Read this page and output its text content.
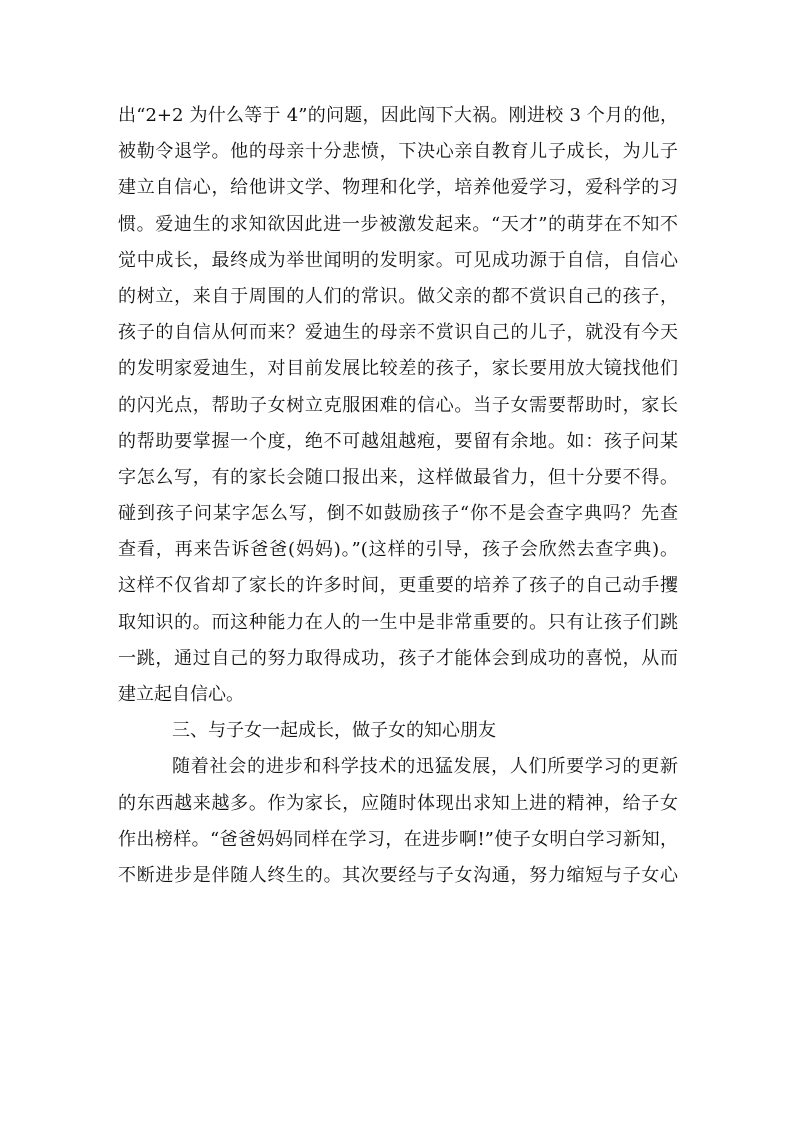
出“2+2 为什么等于 4”的问题，因此闯下大祸。刚进校 3 个月的他，
被勒令退学。他的母亲十分悲愤，下决心亲自教育儿子成长，为儿子
建立自信心，给他讲文学、物理和化学，培养他爱学习，爱科学的习
惯。爱迪生的求知欲因此进一步被激发起来。“天才”的萌芽在不知不
觉中成长，最终成为举世闻明的发明家。可见成功源于自信，自信心
的树立，来自于周围的人们的常识。做父亲的都不赏识自己的孩子，
孩子的自信从何而来？爱迪生的母亲不赏识自己的儿子，就没有今天
的发明家爱迪生，对目前发展比较差的孩子，家长要用放大镜找他们
的闪光点，帮助子女树立克服困难的信心。当子女需要帮助时，家长
的帮助要掌握一个度，绝不可越俎越疱，要留有余地。如：孩子问某
字怎么写，有的家长会随口报出来，这样做最省力，但十分要不得。
碰到孩子问某字怎么写，倒不如鼓励孩子“你不是会查字典吗？先查
查看，再来告诉爸爸(妈妈)。”(这样的引导，孩子会欣然去查字典)。
这样不仅省却了家长的许多时间，更重要的培养了孩子的自己动手攫
取知识的。而这种能力在人的一生中是非常重要的。只有让孩子们跳
一跳，通过自己的努力取得成功，孩子才能体会到成功的喜悦，从而
建立起自信心。
三、与子女一起成长，做子女的知心朋友
随着社会的进步和科学技术的迅猛发展，人们所要学习的更新
的东西越来越多。作为家长，应随时体现出求知上进的精神，给子女
作出榜样。“爸爸妈妈同样在学习，在进步啊!”使子女明白学习新知，
不断进步是伴随人终生的。其次要经与子女沟通，努力缩短与子女心
